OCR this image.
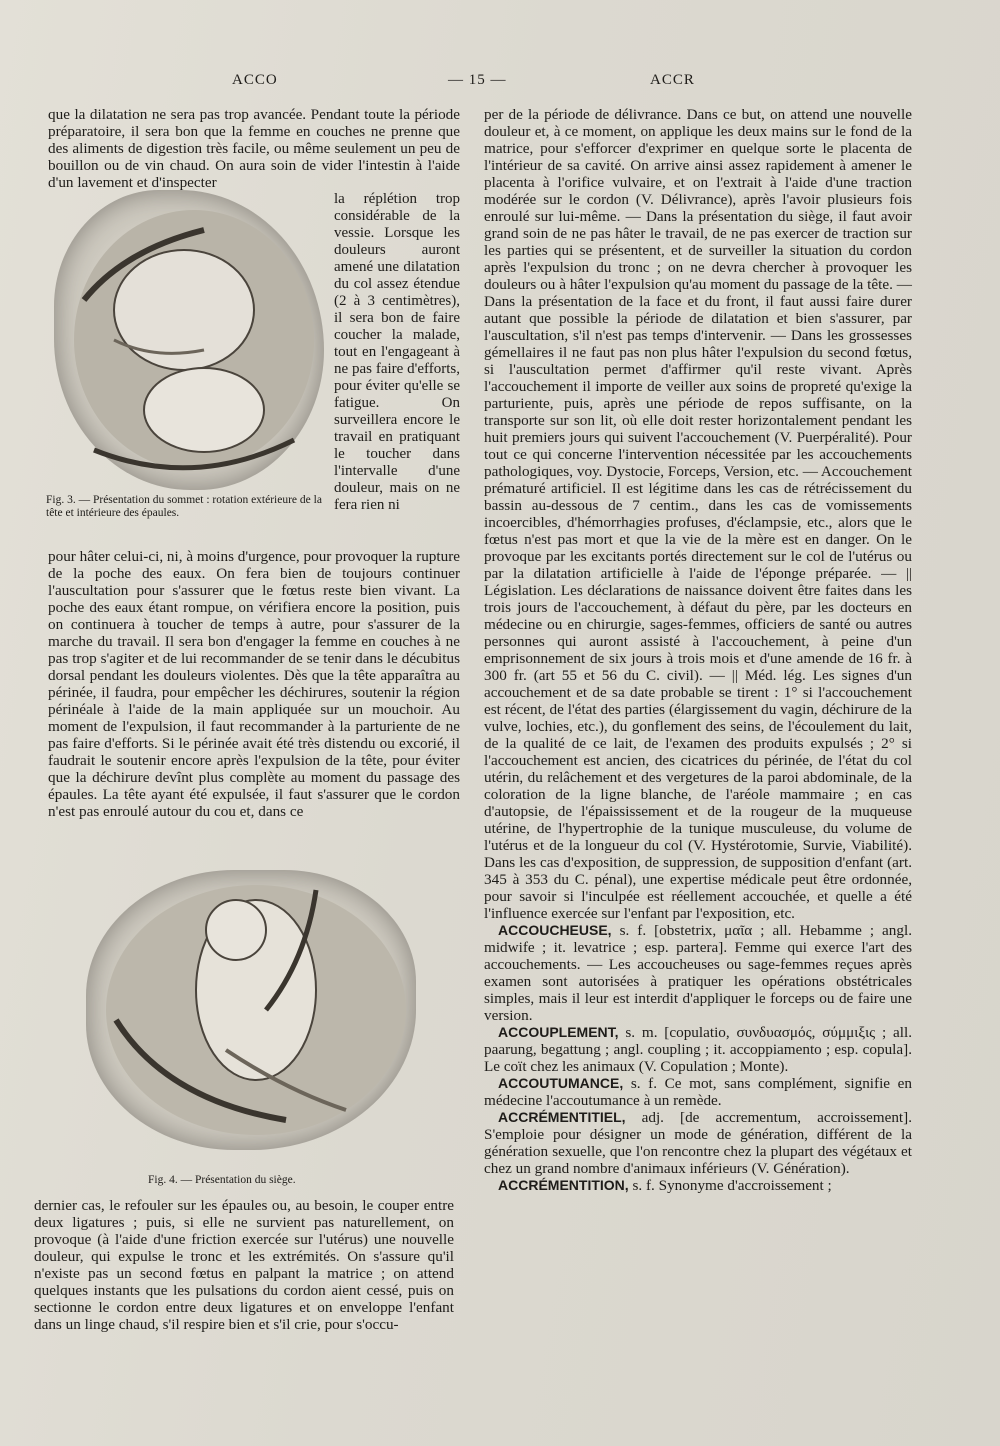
ACCO	— 15 —	ACCR

que la dilatation ne sera pas trop avancée. Pendant toute la période préparatoire, il sera bon que la femme en couches ne prenne que des aliments de digestion très facile, ou même seulement un peu de bouillon ou de vin chaud. On aura soin de vider l'intestin à l'aide d'un lavement et d'inspecter

Fig. 3. — Présentation du sommet : rotation extérieure de la tête et intérieure des épaules.

la réplétion trop considérable de la vessie. Lorsque les douleurs auront amené une dilatation du col assez étendue (2 à 3 centimètres), il sera bon de faire coucher la malade, tout en l'engageant à ne pas faire d'efforts, pour éviter qu'elle se fatigue. On surveillera encore le travail en pratiquant le toucher dans l'intervalle d'une douleur, mais on ne fera rien ni

pour hâter celui-ci, ni, à moins d'urgence, pour provoquer la rupture de la poche des eaux. On fera bien de toujours continuer l'auscultation pour s'assurer que le fœtus reste bien vivant. La poche des eaux étant rompue, on vérifiera encore la position, puis on continuera à toucher de temps à autre, pour s'assurer de la marche du travail. Il sera bon d'engager la femme en couches à ne pas trop s'agiter et de lui recommander de se tenir dans le décubitus dorsal pendant les douleurs violentes. Dès que la tête apparaîtra au périnée, il faudra, pour empêcher les déchirures, soutenir la région périnéale à l'aide de la main appliquée sur un mouchoir. Au moment de l'expulsion, il faut recommander à la parturiente de ne pas faire d'efforts. Si le périnée avait été très distendu ou excorié, il faudrait le soutenir encore après l'expulsion de la tête, pour éviter que la déchirure devînt plus complète au moment du passage des épaules. La tête ayant été expulsée, il faut s'assurer que le cordon n'est pas enroulé autour du cou et, dans ce

Fig. 4. — Présentation du siège.

dernier cas, le refouler sur les épaules ou, au besoin, le couper entre deux ligatures ; puis, si elle ne survient pas naturellement, on provoque (à l'aide d'une friction exercée sur l'utérus) une nouvelle douleur, qui expulse le tronc et les extrémités. On s'assure qu'il n'existe pas un second fœtus en palpant la matrice ; on attend quelques instants que les pulsations du cordon aient cessé, puis on sectionne le cordon entre deux ligatures et on enveloppe l'enfant dans un linge chaud, s'il respire bien et s'il crie, pour s'occu-

per de la période de délivrance. Dans ce but, on attend une nouvelle douleur et, à ce moment, on applique les deux mains sur le fond de la matrice, pour s'efforcer d'exprimer en quelque sorte le placenta de l'intérieur de sa cavité. On arrive ainsi assez rapidement à amener le placenta à l'orifice vulvaire, et on l'extrait à l'aide d'une traction modérée sur le cordon (V. Délivrance), après l'avoir plusieurs fois enroulé sur lui-même. — Dans la présentation du siège, il faut avoir grand soin de ne pas hâter le travail, de ne pas exercer de traction sur les parties qui se présentent, et de surveiller la situation du cordon après l'expulsion du tronc ; on ne devra chercher à provoquer les douleurs ou à hâter l'expulsion qu'au moment du passage de la tête. — Dans la présentation de la face et du front, il faut aussi faire durer autant que possible la période de dilatation et bien s'assurer, par l'auscultation, s'il n'est pas temps d'intervenir. — Dans les grossesses gémellaires il ne faut pas non plus hâter l'expulsion du second fœtus, si l'auscultation permet d'affirmer qu'il reste vivant. Après l'accouchement il importe de veiller aux soins de propreté qu'exige la parturiente, puis, après une période de repos suffisante, on la transporte sur son lit, où elle doit rester horizontalement pendant les huit premiers jours qui suivent l'accouchement (V. Puerpéralité). Pour tout ce qui concerne l'intervention nécessitée par les accouchements pathologiques, voy. Dystocie, Forceps, Version, etc. — Accouchement prématuré artificiel. Il est légitime dans les cas de rétrécissement du bassin au-dessous de 7 centim., dans les cas de vomissements incoercibles, d'hémorrhagies profuses, d'éclampsie, etc., alors que le fœtus n'est pas mort et que la vie de la mère est en danger. On le provoque par les excitants portés directement sur le col de l'utérus ou par la dilatation artificielle à l'aide de l'éponge préparée. — || Législation. Les déclarations de naissance doivent être faites dans les trois jours de l'accouchement, à défaut du père, par les docteurs en médecine ou en chirurgie, sages-femmes, officiers de santé ou autres personnes qui auront assisté à l'accouchement, à peine d'un emprisonnement de six jours à trois mois et d'une amende de 16 fr. à 300 fr. (art 55 et 56 du C. civil). — || Méd. lég. Les signes d'un accouchement et de sa date probable se tirent : 1° si l'accouchement est récent, de l'état des parties (élargissement du vagin, déchirure de la vulve, lochies, etc.), du gonflement des seins, de l'écoulement du lait, de la qualité de ce lait, de l'examen des produits expulsés ; 2° si l'accouchement est ancien, des cicatrices du périnée, de l'état du col utérin, du relâchement et des vergetures de la paroi abdominale, de la coloration de la ligne blanche, de l'aréole mammaire ; en cas d'autopsie, de l'épaississement et de la rougeur de la muqueuse utérine, de l'hypertrophie de la tunique musculeuse, du volume de l'utérus et de la longueur du col (V. Hystérotomie, Survie, Viabilité). Dans les cas d'exposition, de suppression, de supposition d'enfant (art. 345 à 353 du C. pénal), une expertise médicale peut être ordonnée, pour savoir si l'inculpée est réellement accouchée, et quelle a été l'influence exercée sur l'enfant par l'exposition, etc.

ACCOUCHEUSE, s. f. [obstetrix, μαῖα ; all. Hebamme ; angl. midwife ; it. levatrice ; esp. partera]. Femme qui exerce l'art des accouchements. — Les accoucheuses ou sage-femmes reçues après examen sont autorisées à pratiquer les opérations obstétricales simples, mais il leur est interdit d'appliquer le forceps ou de faire une version.

ACCOUPLEMENT, s. m. [copulatio, συνδυασμός, σύμμιξις ; all. paarung, begattung ; angl. coupling ; it. accoppiamento ; esp. copula]. Le coït chez les animaux (V. Copulation ; Monte).

ACCOUTUMANCE, s. f. Ce mot, sans complément, signifie en médecine l'accoutumance à un remède.

ACCRÉMENTITIEL, adj. [de accrementum, accroissement]. S'emploie pour désigner un mode de génération, différent de la génération sexuelle, que l'on rencontre chez la plupart des végétaux et chez un grand nombre d'animaux inférieurs (V. Génération).

ACCRÉMENTITION, s. f. Synonyme d'accroissement ;
